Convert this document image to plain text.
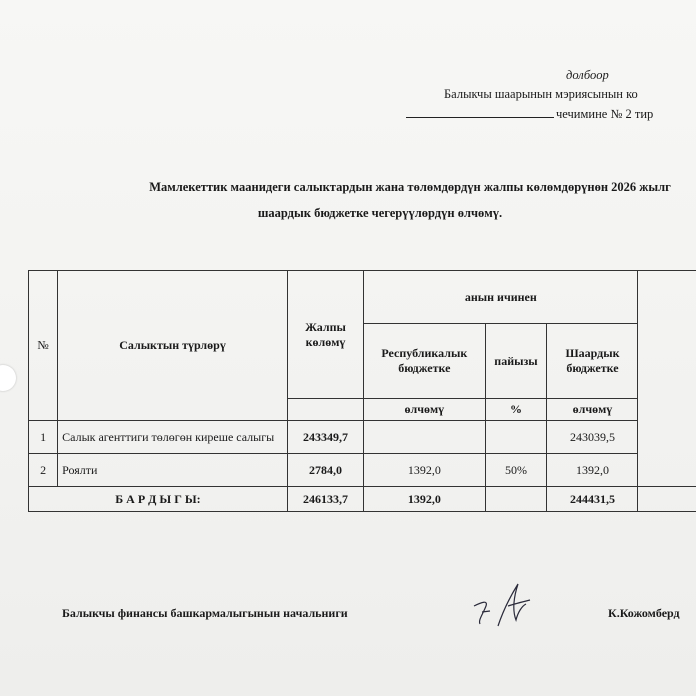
долбоор
Балыкчы шаарынын мэриясынын ко
чечимине № 2 тир
Мамлекеттик маанидеги салыктардын жана төлөмдөрдүн жалпы көлөмдөрүнөн 2026 жылг
шаардык бюджетке чегерүүлөрдүн өлчөмү.
№	Салыктын түрлөрү	Жалпы көлөмү	анын ичинен			
			Республикалык бюджетке	пайызы	Шаардык бюджетке	
			өлчөмү	%	өлчөмү	
1	Салык агенттиги төлөгөн киреше салыгы	243349,7			243039,5	
2	Роялти	2784,0	1392,0	50%	1392,0	
Б А Р Д Ы Г Ы:		246133,7	1392,0		244431,5	
Балыкчы финансы башкармалыгынын начальниги	К.Кожомберд
